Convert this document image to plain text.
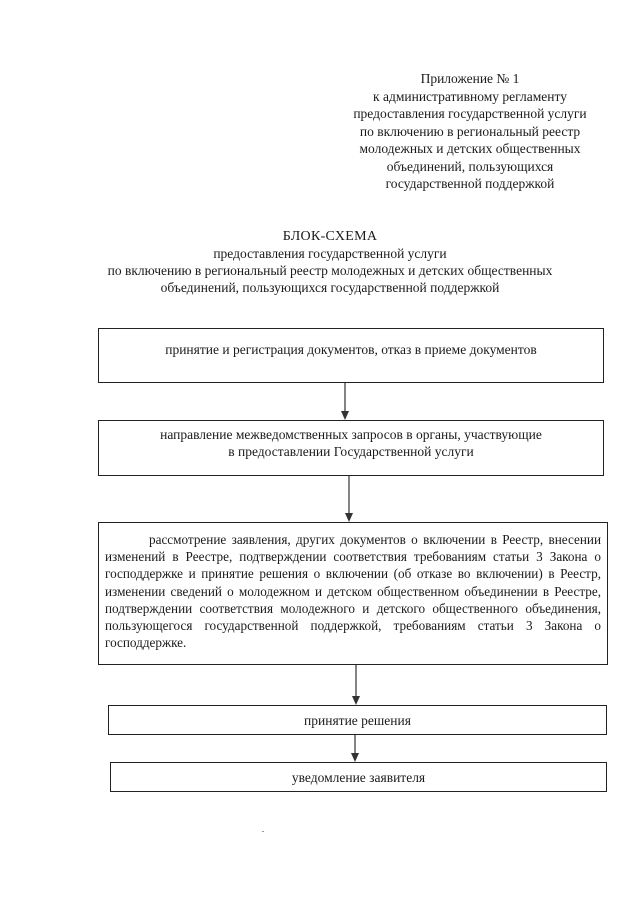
Приложение № 1
к административному регламенту
предоставления государственной услуги
по включению в региональный реестр
молодежных и детских общественных
объединений, пользующихся
государственной поддержкой
БЛОК-СХЕМА
предоставления государственной услуги
по включению в региональный реестр молодежных и детских общественных
объединений, пользующихся государственной поддержкой
принятие и регистрация документов, отказ в приеме документов
направление межведомственных запросов в органы, участвующие
в предоставлении Государственной услуги

рассмотрение заявления, других документов о включении в Реестр, внесении изменений в Реестре, подтверждении соответствия требованиям статьи 3 Закона о господдержке и принятие решения о включении (об отказе во включении) в Реестр, изменении сведений о молодежном и детском общественном объединении в Реестре, подтверждении соответствия молодежного и детского общественного объединения, пользующегося государственной поддержкой, требованиям статьи 3 Закона о господдержке.

принятие решения
уведомление заявителя
